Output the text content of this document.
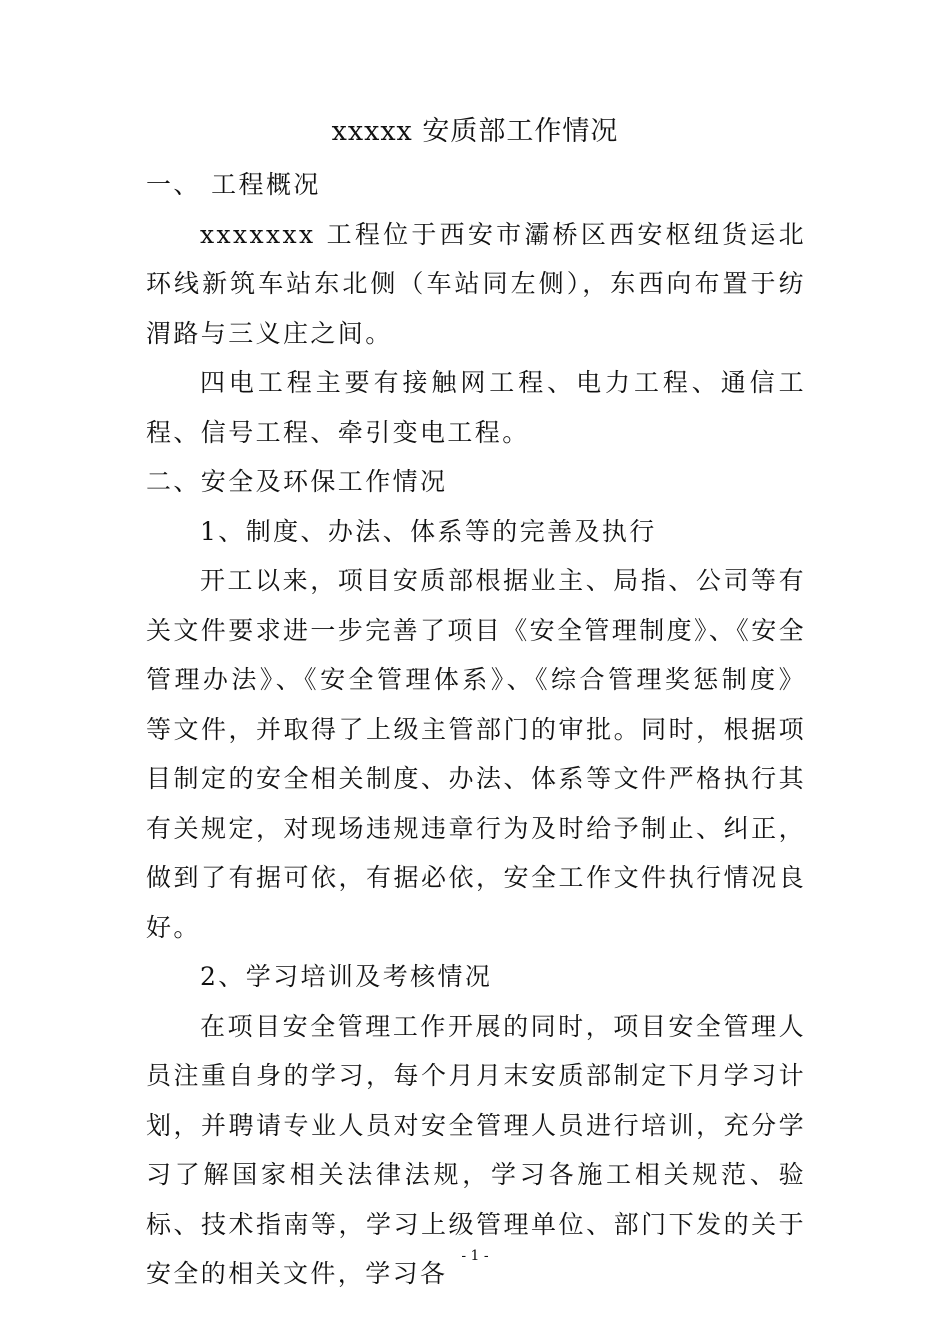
xxxxx 安质部工作情况

一、 工程概况

xxxxxxx 工程位于西安市灞桥区西安枢纽货运北环线新筑车站东北侧（车站同左侧），东西向布置于纺渭路与三义庄之间。

四电工程主要有接触网工程、电力工程、通信工程、信号工程、牵引变电工程。

二、安全及环保工作情况

1、制度、办法、体系等的完善及执行

开工以来，项目安质部根据业主、局指、公司等有关文件要求进一步完善了项目《安全管理制度》、《安全管理办法》、《安全管理体系》、《综合管理奖惩制度》等文件，并取得了上级主管部门的审批。同时，根据项目制定的安全相关制度、办法、体系等文件严格执行其有关规定，对现场违规违章行为及时给予制止、纠正，做到了有据可依，有据必依，安全工作文件执行情况良好。

2、学习培训及考核情况

在项目安全管理工作开展的同时，项目安全管理人员注重自身的学习，每个月月末安质部制定下月学习计划，并聘请专业人员对安全管理人员进行培训，充分学习了解国家相关法律法规，学习各施工相关规范、验标、技术指南等，学习上级管理单位、部门下发的关于安全的相关文件，学习各

- 1 -
